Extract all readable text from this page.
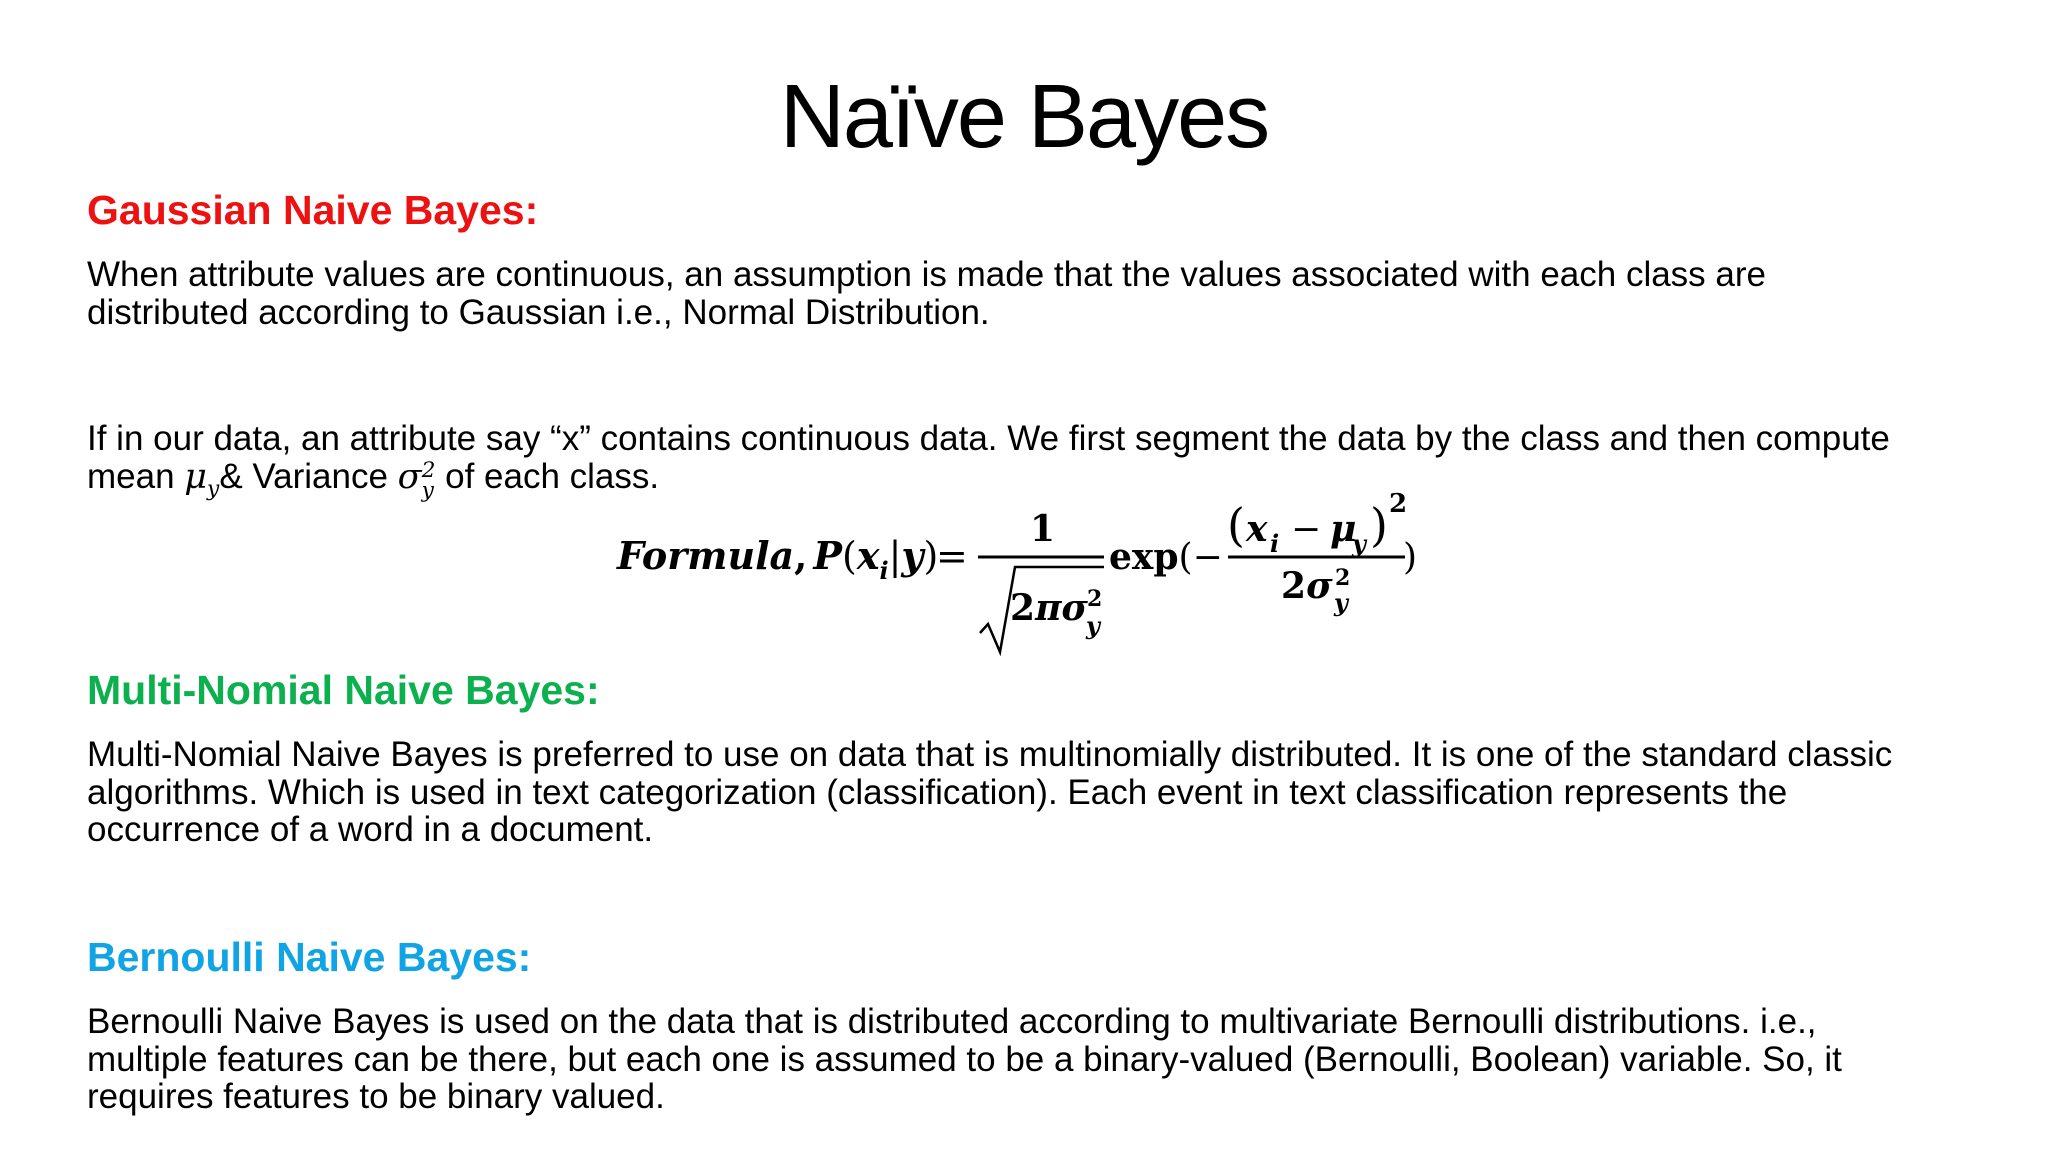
Naïve Bayes
Gaussian Naive Bayes:
When attribute values are continuous, an assumption is made that the values associated with each class are
distributed according to Gaussian i.e., Normal Distribution.
If in our data, an attribute say “x” contains continuous data. We first segment the data by the class and then compute
mean $\mu_y\&$ Variance σ 2
y of each class.
Formula, $P(x_i|y)$
=
1
2πσ 2
y
exp(−
( x i − μ
y ) 2
2σ 2
y
)
Multi-Nomial Naive Bayes:
Multi-Nomial Naive Bayes is preferred to use on data that is multinomially distributed. It is one of the standard classic
algorithms. Which is used in text categorization (classification). Each event in text classification represents the
occurrence of a word in a document.
Bernoulli Naive Bayes:
Bernoulli Naive Bayes is used on the data that is distributed according to multivariate Bernoulli distributions. i.e.,
multiple features can be there, but each one is assumed to be a binary-valued (Bernoulli, Boolean) variable. So, it
requires features to be binary valued.
